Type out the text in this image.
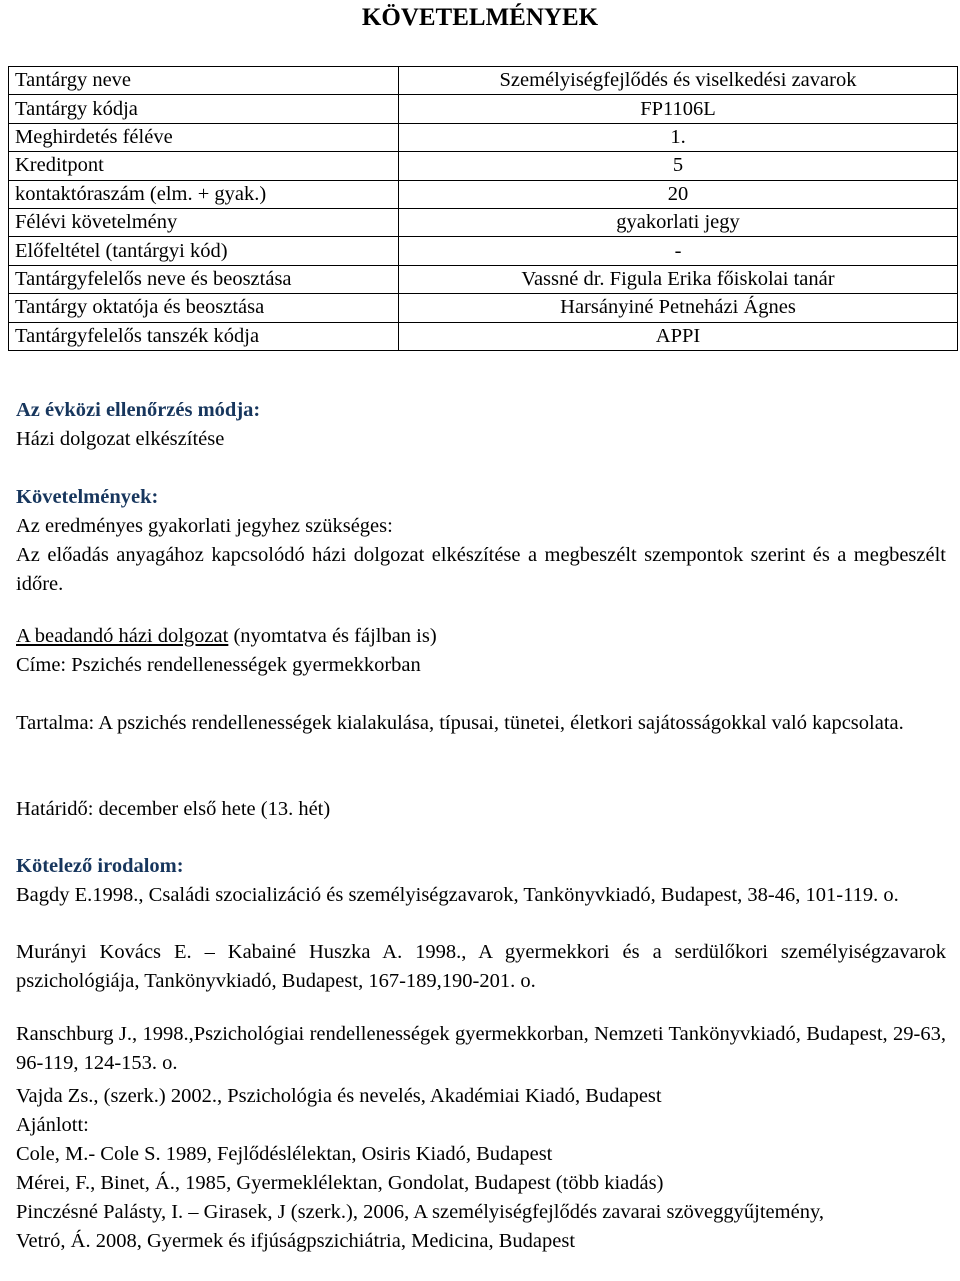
KÖVETELMÉNYEK
Tantárgy neve	Személyiségfejlődés és viselkedési zavarok
Tantárgy kódja	FP1106L
Meghirdetés féléve	1.
Kreditpont	5
kontaktóraszám (elm. + gyak.)	20
Félévi követelmény	gyakorlati jegy
Előfeltétel (tantárgyi kód)	-
Tantárgyfelelős neve és beosztása	Vassné dr. Figula Erika főiskolai tanár
Tantárgy oktatója és beosztása	Harsányiné Petneházi Ágnes
Tantárgyfelelős tanszék kódja	APPI

Az évközi ellenőrzés módja:

Házi dolgozat elkészítése

Követelmények:

Az eredményes gyakorlati jegyhez szükséges:

Az előadás anyagához kapcsolódó házi dolgozat elkészítése a megbeszélt szempontok szerint és a megbeszélt időre.

A beadandó házi dolgozat (nyomtatva és fájlban is)

Címe: Pszichés rendellenességek gyermekkorban

Tartalma: A pszichés rendellenességek kialakulása, típusai, tünetei, életkori sajátosságokkal való kapcsolata.

Határidő: december első hete (13. hét)

Kötelező irodalom:

Bagdy E.1998., Családi szocializáció és személyiségzavarok, Tankönyvkiadó, Budapest, 38-46, 101-119. o.

Murányi Kovács E. – Kabainé Huszka A. 1998., A gyermekkori és a serdülőkori személyiségzavarok pszichológiája, Tankönyvkiadó, Budapest, 167-189,190-201. o.

Ranschburg J., 1998.,Pszichológiai rendellenességek gyermekkorban, Nemzeti Tankönyvkiadó, Budapest, 29-63, 96-119, 124-153. o.

Vajda Zs., (szerk.) 2002., Pszichológia és nevelés, Akadémiai Kiadó, Budapest

Ajánlott:

Cole, M.- Cole S. 1989, Fejlődéslélektan, Osiris Kiadó, Budapest

Mérei, F., Binet, Á., 1985, Gyermeklélektan, Gondolat, Budapest (több kiadás)

Pinczésné Palásty, I. – Girasek, J (szerk.), 2006, A személyiségfejlődés zavarai szöveggyűjtemény,

Vetró, Á. 2008, Gyermek és ifjúságpszichiátria, Medicina, Budapest
